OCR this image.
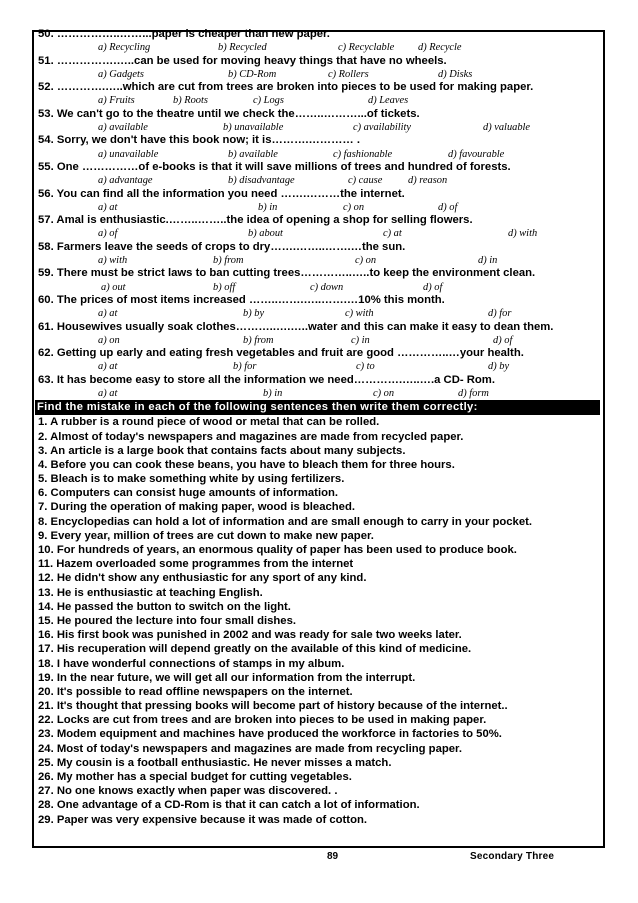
50. ……………..……...paper is cheaper than new paper.
a) Recycling	b) Recycled	c) Recyclable d) Recycle
51. …………….…..can be used for moving heavy things that have no wheels.
a) Gadgets	b) CD-Rom	c) Rollers	d) Disks
52. ………….…..which are cut from trees are broken into pieces to be used for making paper.
a) Fruits	b) Roots	c) Logs	d) Leaves
53. We can't go to the theatre until we check the……..………...of tickets.
a) available	b) unavailable	c) availability	d) valuable
54. Sorry, we don't have this book now; it is……….………… .
a) unavailable	b) available	c) fashionable	d) favourable
55. One ……………of e-books is that it will save millions of trees and hundred of forests.
a) advantage	b) disadvantage	c) cause d) reason
56. You can find all the information you need …….………the internet.
a) at	b) in	c) on	d) of
57. Amal is enthusiastic.……..……..the idea of opening a shop for selling flowers.
a) of	b) about	c) at	d) with
58. Farmers leave the seeds of crops to dry…….……..…….…the sun.
a) with	b) from	c) on	d) in
59. There must be strict laws to ban cutting trees…………..…..to keep the environment clean.
a) out	b) off	c) down	d) of
60. The prices of most items increased ……..…….…..…….…10% this month.
a) at	b) by	c) with	d) for
61. Housewives usually soak clothes………..….…..water and this can make it easy to dean them.
a) on	b) from	c) in	d) of
62. Getting up early and eating fresh vegetables and fruit are good …………..…your health.
a) at	b) for	c) to	d) by
63. It has become easy to store all the information we need………….…..….a CD- Rom.
a) at	b) in	c) on	d) form
Find the mistake in each of the following sentences then write them correctly:
1. A rubber is a round piece of wood or metal that can be rolled.
2. Almost of today's newspapers and magazines are made from recycled paper.
3. An article is a large book that contains facts about many subjects.
4. Before you can cook these beans, you have to bleach them for three hours.
5. Bleach is to make something white by using fertilizers.
6. Computers can consist huge amounts of information.
7. During the operation of making paper, wood is bleached.
8. Encyclopedias can hold a lot of information and are small enough to carry in your pocket.
9. Every year, million of trees are cut down to make new paper.
10. For hundreds of years, an enormous quality of paper has been used to produce book.
11. Hazem overloaded some programmes from the internet
12. He didn't show any enthusiastic for any sport of any kind.
13. He is enthusiastic at teaching English.
14. He passed the button to switch on the light.
15. He poured the lecture into four small dishes.
16. His first book was punished in 2002 and was ready for sale two weeks later.
17. His recuperation will depend greatly on the available of this kind of medicine.
18. I have wonderful connections of stamps in my album.
19. In the near future, we will get all our information from the interrupt.
20. It's possible to read offline newspapers on the internet.
21. It's thought that pressing books will become part of history because of the internet..
22. Locks are cut from trees and are broken into pieces to be used in making paper.
23. Modem equipment and machines have produced the workforce in factories to 50%.
24. Most of today's newspapers and magazines are made from recycling paper.
25. My cousin is a football enthusiastic. He never misses a match.
26. My mother has a special budget for cutting vegetables.
27. No one knows exactly when paper was discovered. .
28. One advantage of a CD-Rom is that it can catch a lot of information.
29. Paper was very expensive because it was made of cotton.
89	Secondary Three
